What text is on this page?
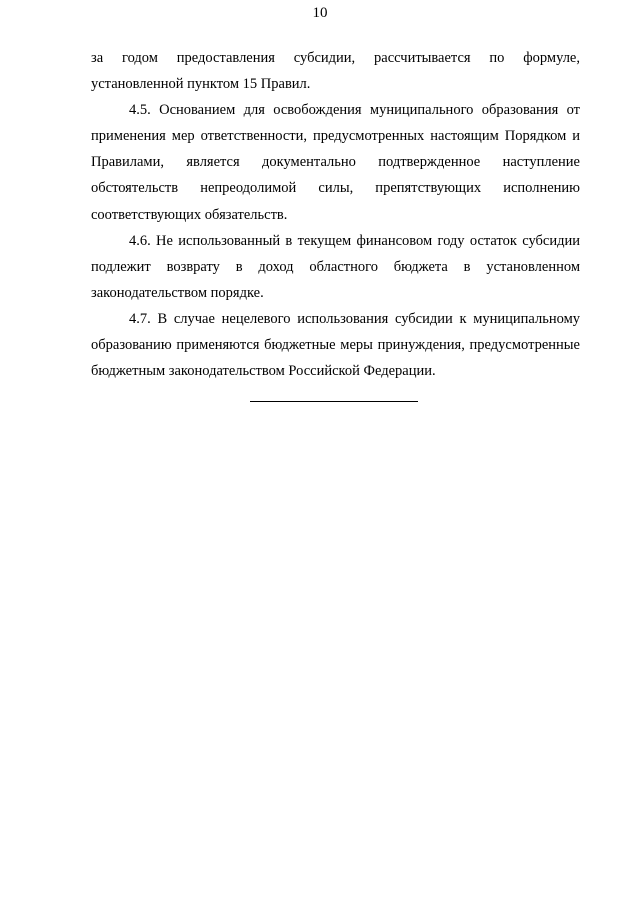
10

за годом предоставления субсидии, рассчитывается по формуле, установленной пунктом 15 Правил.

4.5. Основанием для освобождения муниципального образования от применения мер ответственности, предусмотренных настоящим Порядком и Правилами, является документально подтвержденное наступление обстоятельств непреодолимой силы, препятствующих исполнению соответствующих обязательств.

4.6. Не использованный в текущем финансовом году остаток субсидии подлежит возврату в доход областного бюджета в установленном законодательством порядке.

4.7. В случае нецелевого использования субсидии к муниципальному образованию применяются бюджетные меры принуждения, предусмотренные бюджетным законодательством Российской Федерации.
